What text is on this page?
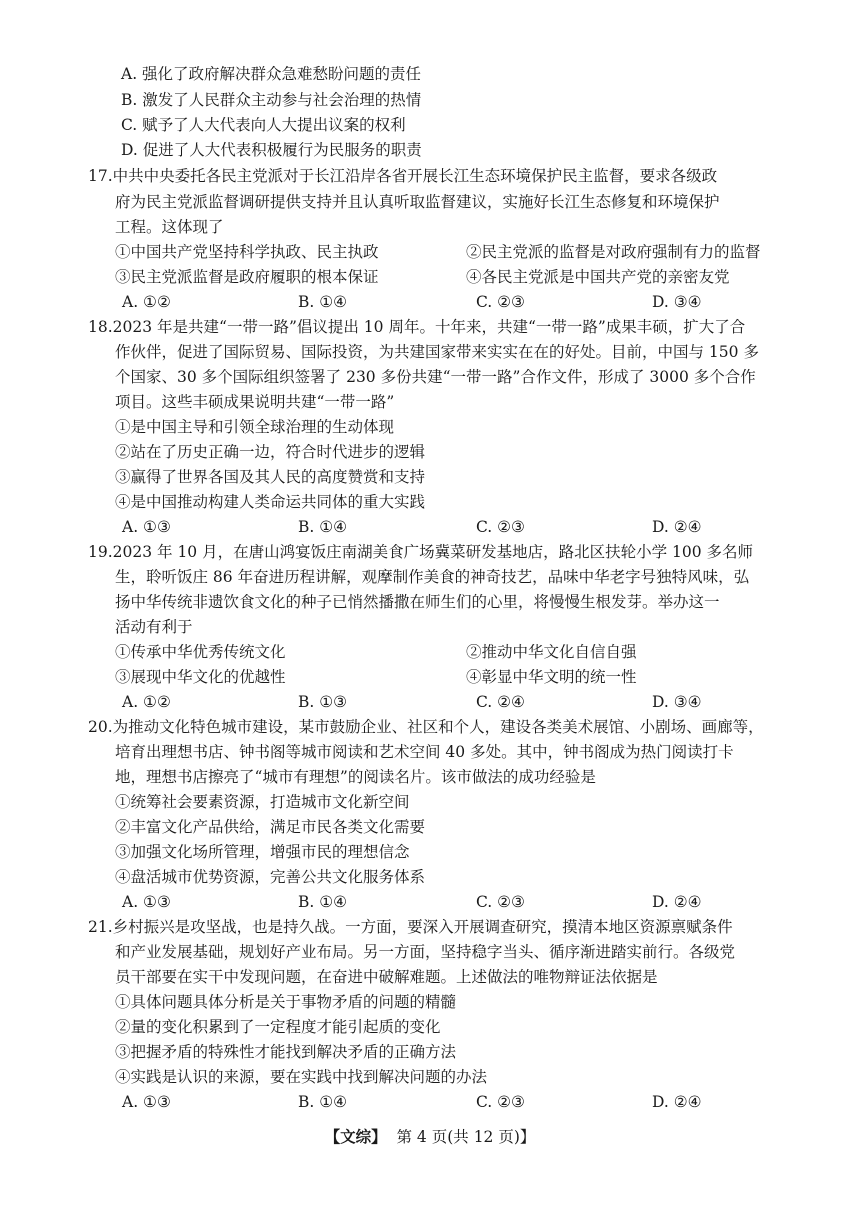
A. 强化了政府解决群众急难愁盼问题的责任
B. 激发了人民群众主动参与社会治理的热情
C. 赋予了人大代表向人大提出议案的权利
D. 促进了人大代表积极履行为民服务的职责
17.中共中央委托各民主党派对于长江沿岸各省开展长江生态环境保护民主监督，要求各级政
府为民主党派监督调研提供支持并且认真听取监督建议，实施好长江生态修复和环境保护
工程。这体现了
①中国共产党坚持科学执政、民主执政	②民主党派的监督是对政府强制有力的监督
③民主党派监督是政府履职的根本保证	④各民主党派是中国共产党的亲密友党
A. ①②	B. ①④	C. ②③	D. ③④
18.2023 年是共建“一带一路”倡议提出 10 周年。十年来，共建“一带一路”成果丰硕，扩大了合
作伙伴，促进了国际贸易、国际投资，为共建国家带来实实在在的好处。目前，中国与 150 多
个国家、30 多个国际组织签署了 230 多份共建“一带一路”合作文件，形成了 3000 多个合作
项目。这些丰硕成果说明共建“一带一路”
①是中国主导和引领全球治理的生动体现
②站在了历史正确一边，符合时代进步的逻辑
③赢得了世界各国及其人民的高度赞赏和支持
④是中国推动构建人类命运共同体的重大实践
A. ①③	B. ①④	C. ②③	D. ②④
19.2023 年 10 月，在唐山鸿宴饭庄南湖美食广场冀菜研发基地店，路北区扶轮小学 100 多名师
生，聆听饭庄 86 年奋进历程讲解，观摩制作美食的神奇技艺，品味中华老字号独特风味，弘
扬中华传统非遗饮食文化的种子已悄然播撒在师生们的心里，将慢慢生根发芽。举办这一
活动有利于
①传承中华优秀传统文化	②推动中华文化自信自强
③展现中华文化的优越性	④彰显中华文明的统一性
A. ①②	B. ①③	C. ②④	D. ③④
20.为推动文化特色城市建设，某市鼓励企业、社区和个人，建设各类美术展馆、小剧场、画廊等，
培育出理想书店、钟书阁等城市阅读和艺术空间 40 多处。其中，钟书阁成为热门阅读打卡
地，理想书店擦亮了“城市有理想”的阅读名片。该市做法的成功经验是
①统筹社会要素资源，打造城市文化新空间
②丰富文化产品供给，满足市民各类文化需要
③加强文化场所管理，增强市民的理想信念
④盘活城市优势资源，完善公共文化服务体系
A. ①③	B. ①④	C. ②③	D. ②④
21.乡村振兴是攻坚战，也是持久战。一方面，要深入开展调查研究，摸清本地区资源禀赋条件
和产业发展基础，规划好产业布局。另一方面，坚持稳字当头、循序渐进踏实前行。各级党
员干部要在实干中发现问题，在奋进中破解难题。上述做法的唯物辩证法依据是
①具体问题具体分析是关于事物矛盾的问题的精髓
②量的变化积累到了一定程度才能引起质的变化
③把握矛盾的特殊性才能找到解决矛盾的正确方法
④实践是认识的来源，要在实践中找到解决问题的办法
A. ①③	B. ①④	C. ②③	D. ②④
【文综】 第 4 页(共 12 页)】
